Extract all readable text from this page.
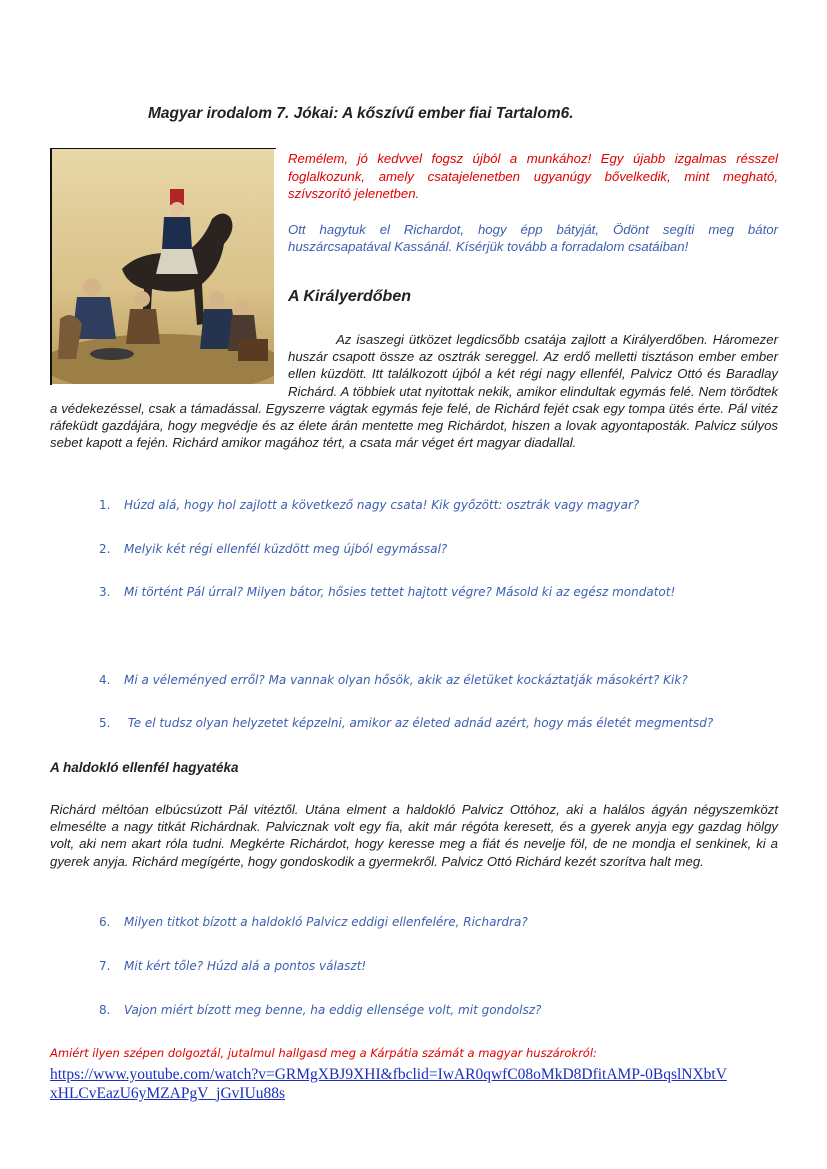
Magyar irodalom 7. Jókai: A kőszívű ember fiai Tartalom6.
Remélem, jó kedvvel fogsz újból a munkához! Egy újabb izgalmas résszel foglalkozunk, amely csatajelenetben ugyanúgy bővelkedik, mint megható, szívszorító jelenetben.
Ott hagytuk el Richardot, hogy épp bátyját, Ödönt segíti meg bátor huszárcsapatával Kassánál. Kísérjük tovább a forradalom csatáiban!
A Királyerdőben
Az isaszegi ütközet legdicsőbb csatája zajlott a Királyerdőben. Háromezer huszár csapott össze az osztrák sereggel. Az erdő melletti tisztáson ember ember ellen küzdött. Itt találkozott újból a két régi nagy ellenfél, Palvicz Ottó és Baradlay Richárd. A többiek utat nyitottak nekik, amikor elindultak egymás felé. Nem törődtek a védekezéssel, csak a támadással. Egyszerre vágtak egymás feje felé, de Richárd fejét csak egy tompa ütés érte. Pál vitéz ráfeküdt gazdájára, hogy megvédje és az élete árán mentette meg Richárdot, hiszen a lovak agyontaposták. Palvicz súlyos sebet kapott a fején. Richárd amikor magához tért, a csata már véget ért magyar diadallal.
1. Húzd alá, hogy hol zajlott a következő nagy csata! Kik győzött: osztrák vagy magyar?
2. Melyik két régi ellenfél küzdött meg újból egymással?
3. Mi történt Pál úrral? Milyen bátor, hősies tettet hajtott végre? Másold ki az egész mondatot!
4. Mi a véleményed erről? Ma vannak olyan hősök, akik az életüket kockáztatják másokért? Kik?
5. Te el tudsz olyan helyzetet képzelni, amikor az életed adnád azért, hogy más életét megmentsd?
A haldokló ellenfél hagyatéka
Richárd méltóan elbúcsúzott Pál vitéztől. Utána elment a haldokló Palvicz Ottóhoz, aki a halálos ágyán négyszemközt elmesélte a nagy titkát Richárdnak. Palvicznak volt egy fia, akit már régóta keresett, és a gyerek anyja egy gazdag hölgy volt, aki nem akart róla tudni. Megkérte Richárdot, hogy keresse meg a fiát és nevelje föl, de ne mondja el senkinek, ki a gyerek anyja. Richárd megígérte, hogy gondoskodik a gyermekről. Palvicz Ottó Richárd kezét szorítva halt meg.
6. Milyen titkot bízott a haldokló Palvicz eddigi ellenfelére, Richardra?
7. Mit kért tőle? Húzd alá a pontos választ!
8. Vajon miért bízott meg benne, ha eddig ellensége volt, mit gondolsz?
Amiért ilyen szépen dolgoztál, jutalmul hallgasd meg a Kárpátia számát a magyar huszárokról:
https://www.youtube.com/watch?v=GRMgXBJ9XHI&fbclid=IwAR0qwfC08oMkD8DfitAMP-0BqslNXbtVxHLCvEazU6yMZAPgV_jGvIUu88s
